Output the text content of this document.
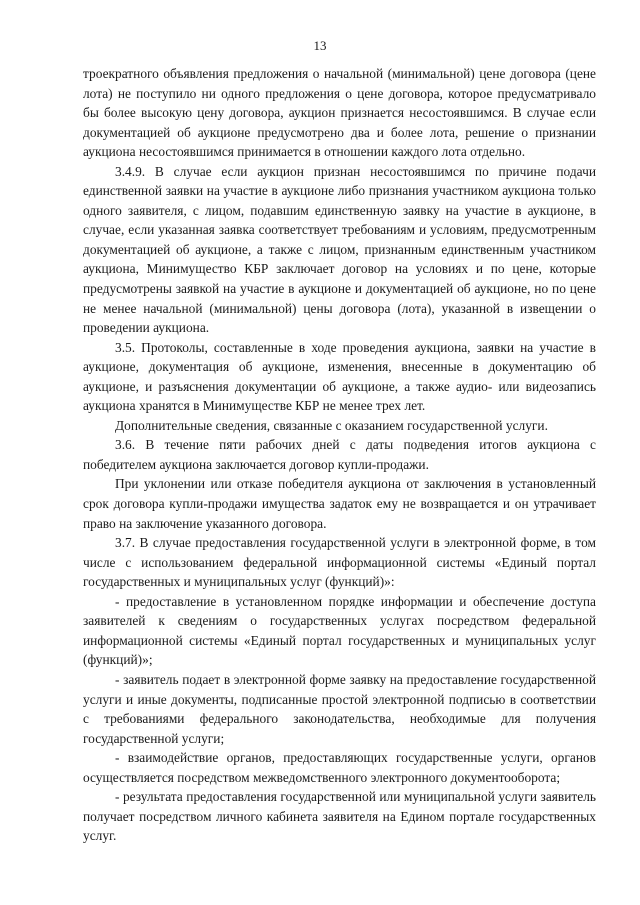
13

троекратного объявления предложения о начальной (минимальной) цене договора (цене лота) не поступило ни одного предложения о цене договора, которое предусматривало бы более высокую цену договора, аукцион признается несостоявшимся. В случае если документацией об аукционе предусмотрено два и более лота, решение о признании аукциона несостоявшимся принимается в отношении каждого лота отдельно.

3.4.9. В случае если аукцион признан несостоявшимся по причине подачи единственной заявки на участие в аукционе либо признания участником аукциона только одного заявителя, с лицом, подавшим единственную заявку на участие в аукционе, в случае, если указанная заявка соответствует требованиям и условиям, предусмотренным документацией об аукционе, а также с лицом, признанным единственным участником аукциона, Минимущество КБР заключает договор на условиях и по цене, которые предусмотрены заявкой на участие в аукционе и документацией об аукционе, но по цене не менее начальной (минимальной) цены договора (лота), указанной в извещении о проведении аукциона.

3.5. Протоколы, составленные в ходе проведения аукциона, заявки на участие в аукционе, документация об аукционе, изменения, внесенные в документацию об аукционе, и разъяснения документации об аукционе, а также аудио- или видеозапись аукциона хранятся в Минимуществе КБР не менее трех лет.

Дополнительные сведения, связанные с оказанием государственной услуги.

3.6. В течение пяти рабочих дней с даты подведения итогов аукциона с победителем аукциона заключается договор купли-продажи.

При уклонении или отказе победителя аукциона от заключения в установленный срок договора купли-продажи имущества задаток ему не возвращается и он утрачивает право на заключение указанного договора.

3.7. В случае предоставления государственной услуги в электронной форме, в том числе с использованием федеральной информационной системы «Единый портал государственных и муниципальных услуг (функций)»:

- предоставление в установленном порядке информации и обеспечение доступа заявителей к сведениям о государственных услугах посредством федеральной информационной системы «Единый портал государственных и муниципальных услуг (функций)»;

- заявитель подает в электронной форме заявку на предоставление государственной услуги и иные документы, подписанные простой электронной подписью в соответствии с требованиями федерального законодательства, необходимые для получения государственной услуги;

- взаимодействие органов, предоставляющих государственные услуги, органов осуществляется посредством межведомственного электронного документооборота;

- результата предоставления государственной или муниципальной услуги заявитель получает посредством личного кабинета заявителя на Едином портале государственных услуг.
